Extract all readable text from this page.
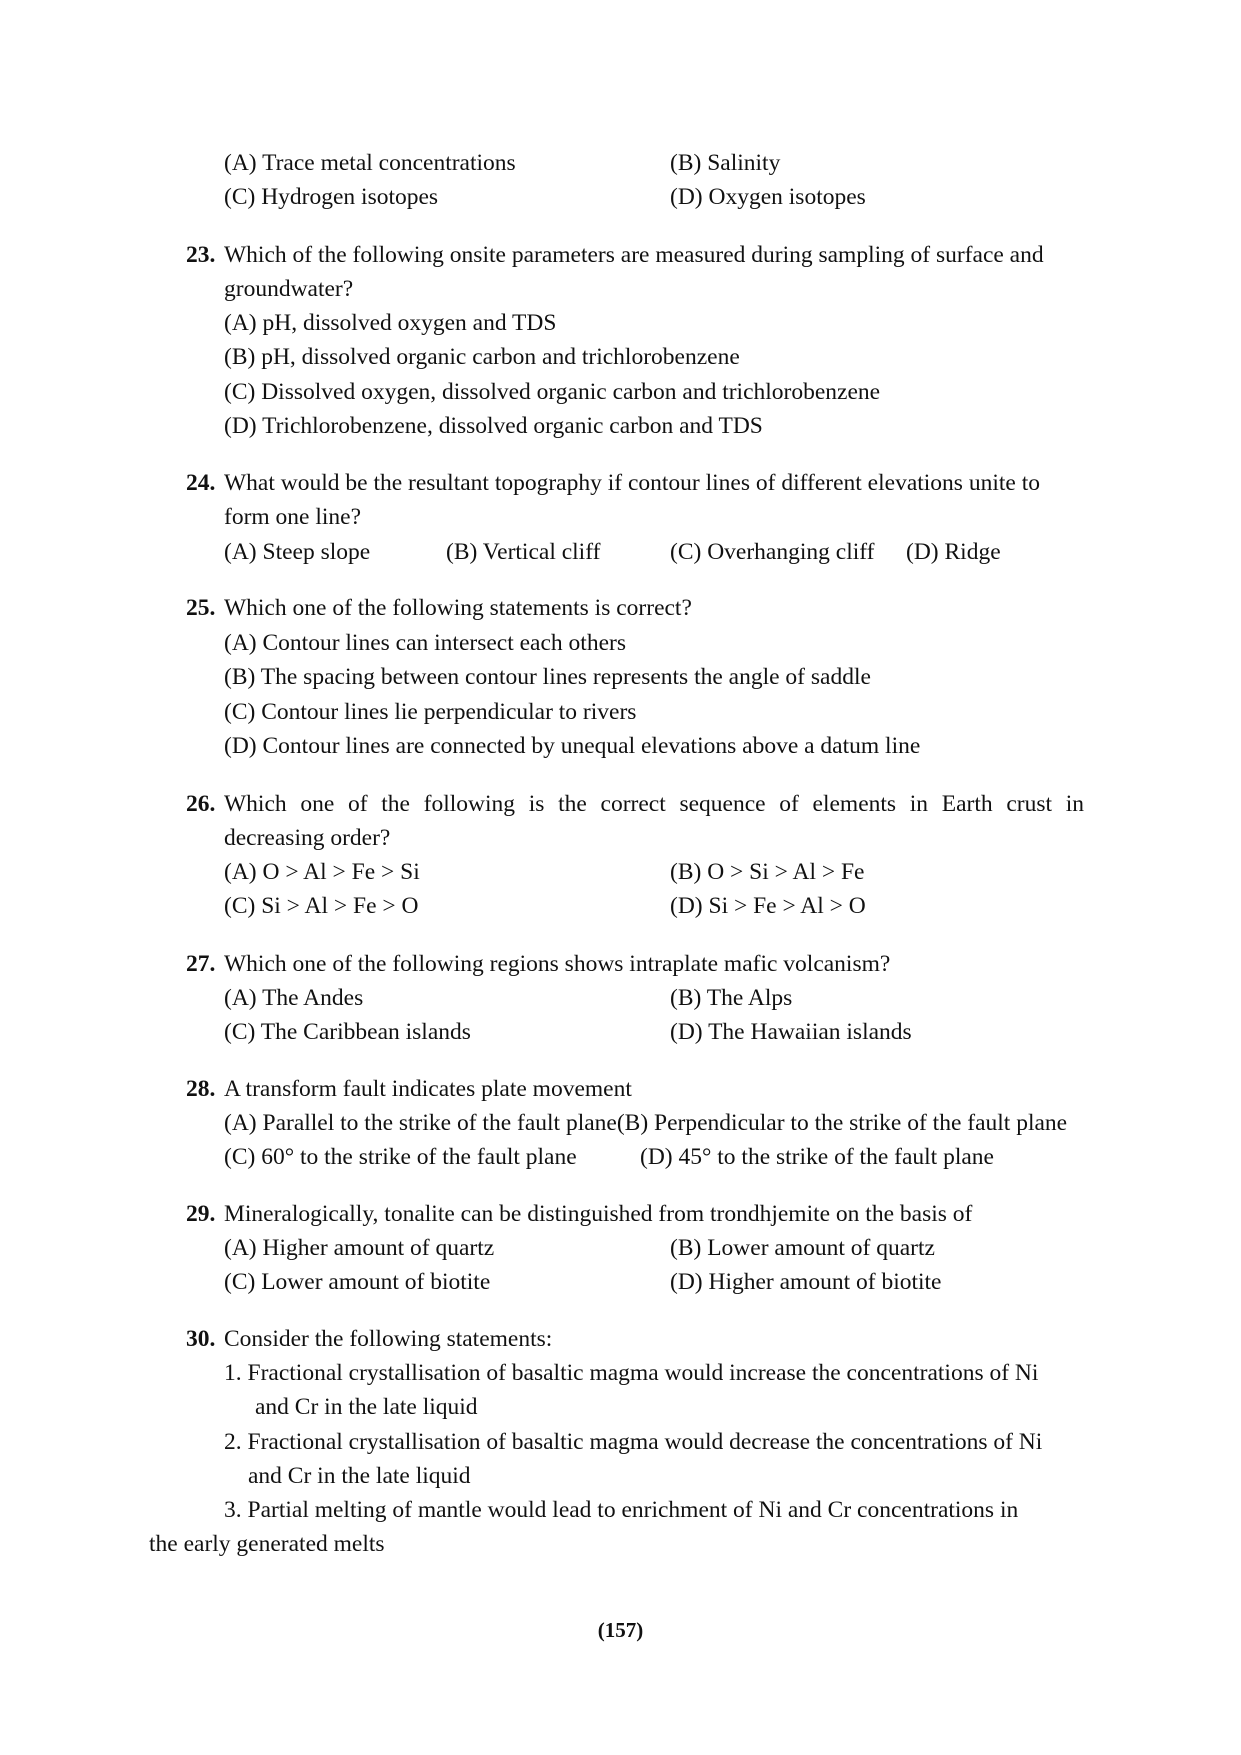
(A) Trace metal concentrations	(B) Salinity
(C) Hydrogen isotopes	(D) Oxygen isotopes
23. Which of the following onsite parameters are measured during sampling of surface and
groundwater?
(A) pH, dissolved oxygen and TDS
(B) pH, dissolved organic carbon and trichlorobenzene
(C) Dissolved oxygen, dissolved organic carbon and trichlorobenzene
(D) Trichlorobenzene, dissolved organic carbon and TDS
24. What would be the resultant topography if contour lines of different elevations unite to
form one line?
(A) Steep slope	(B) Vertical cliff	(C) Overhanging cliff (D) Ridge
25. Which one of the following statements is correct?
(A) Contour lines can intersect each others
(B) The spacing between contour lines represents the angle of saddle
(C) Contour lines lie perpendicular to rivers
(D) Contour lines are connected by unequal elevations above a datum line
26. Which one of the following is the correct sequence of elements in Earth crust in
decreasing order?
(A) O > Al > Fe > Si	(B) O > Si > Al > Fe
(C) Si > Al > Fe > O	(D) Si > Fe > Al > O
27. Which one of the following regions shows intraplate mafic volcanism?
(A) The Andes	(B) The Alps
(C) The Caribbean islands	(D) The Hawaiian islands
28. A transform fault indicates plate movement
(A) Parallel to the strike of the fault plane(B) Perpendicular to the strike of the fault plane
(C) 60° to the strike of the fault plane	(D) 45° to the strike of the fault plane
29. Mineralogically, tonalite can be distinguished from trondhjemite on the basis of
(A) Higher amount of quartz	(B) Lower amount of quartz
(C) Lower amount of biotite	(D) Higher amount of biotite
30. Consider the following statements:
1. Fractional crystallisation of basaltic magma would increase the concentrations of Ni
and Cr in the late liquid
2. Fractional crystallisation of basaltic magma would decrease the concentrations of Ni
and Cr in the late liquid
3. Partial melting of mantle would lead to enrichment of Ni and Cr concentrations in
the early generated melts
(157)
